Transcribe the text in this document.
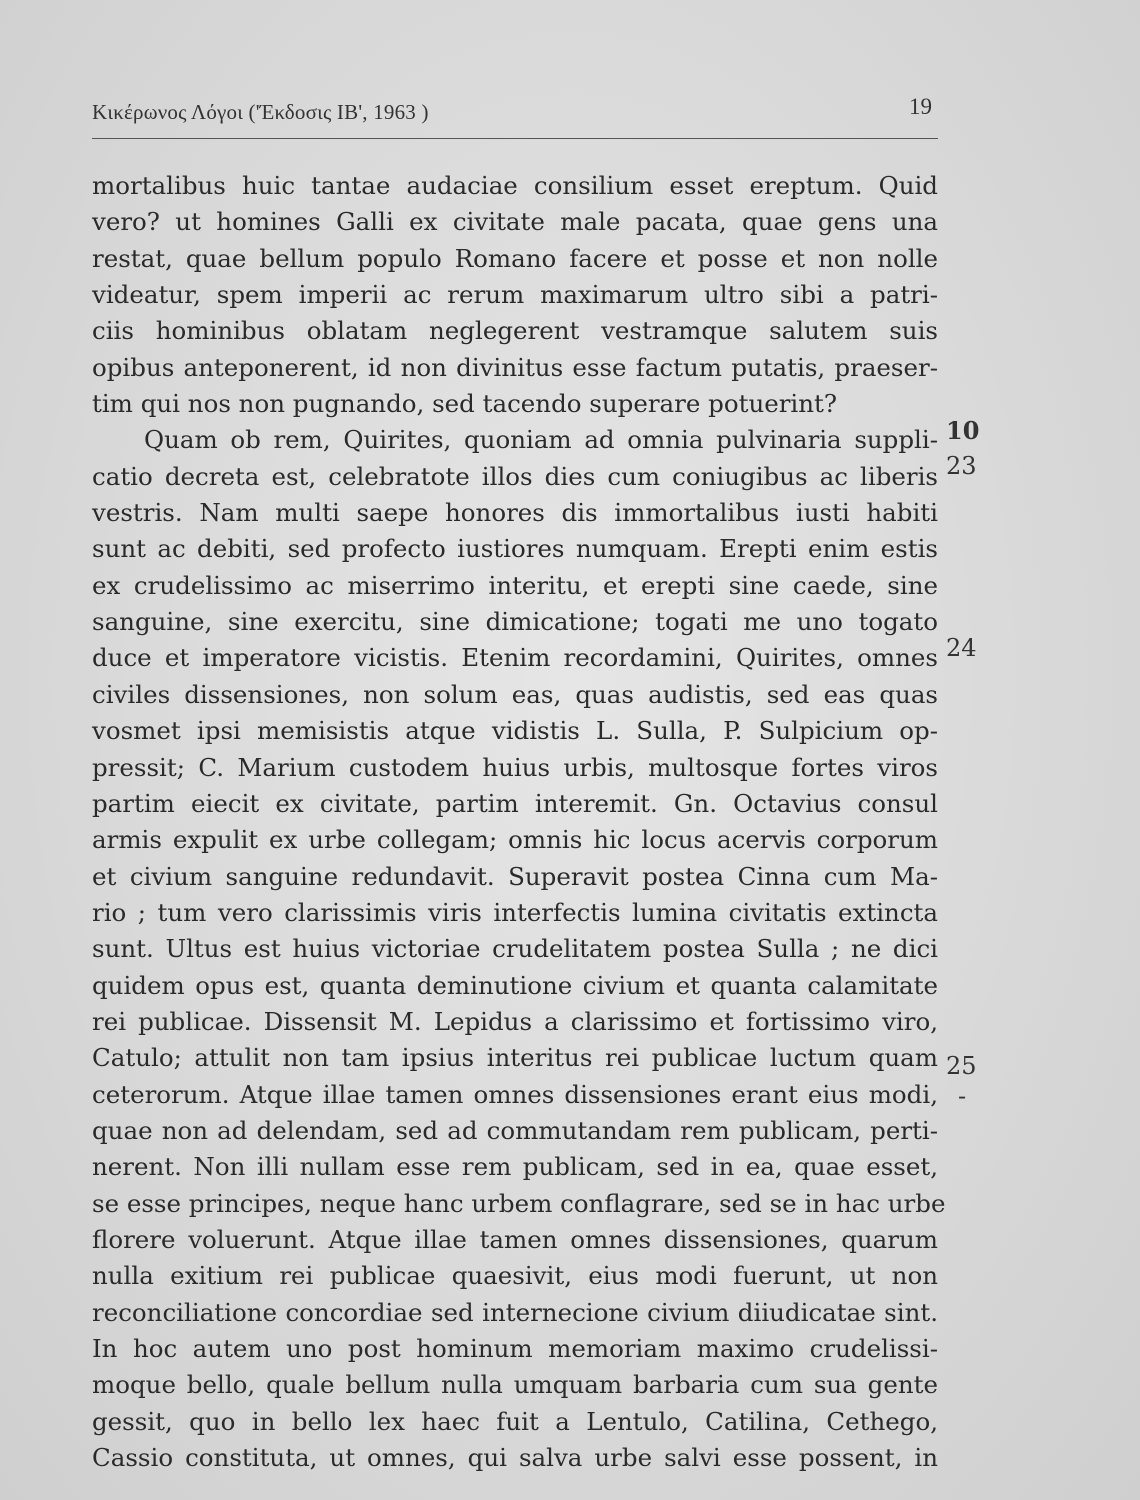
Κικέρωνος Λόγοι ('Έκδοσις ΙΒ', 1963 )	19
mortalibus huic tantae audaciae consilium esset ereptum. Quid
vero? ut homines Galli ex civitate male pacata, quae gens una
restat, quae bellum populo Romano facere et posse et non nolle
videatur, spem imperii ac rerum maximarum ultro sibi a patri-
ciis hominibus oblatam neglegerent vestramque salutem suis
opibus anteponerent, id non divinitus esse factum putatis, praeser-
tim qui nos non pugnando, sed tacendo superare potuerint?
Quam ob rem, Quirites, quoniam ad omnia pulvinaria suppli-
catio decreta est, celebratote illos dies cum coniugibus ac liberis
vestris. Nam multi saepe honores dis immortalibus iusti habiti
sunt ac debiti, sed profecto iustiores numquam. Erepti enim estis
ex crudelissimo ac miserrimo interitu, et erepti sine caede, sine
sanguine, sine exercitu, sine dimicatione; togati me uno togato
duce et imperatore vicistis. Etenim recordamini, Quirites, omnes
civiles dissensiones, non solum eas, quas audistis, sed eas quas
vosmet ipsi memisistis atque vidistis L. Sulla, P. Sulpicium op-
pressit; C. Marium custodem huius urbis, multosque fortes viros
partim eiecit ex civitate, partim interemit. Gn. Octavius consul
armis expulit ex urbe collegam; omnis hic locus acervis corporum
et civium sanguine redundavit. Superavit postea Cinna cum Ma-
rio ; tum vero clarissimis viris interfectis lumina civitatis extincta
sunt. Ultus est huius victoriae crudelitatem postea Sulla ; ne dici
quidem opus est, quanta deminutione civium et quanta calamitate
rei publicae. Dissensit M. Lepidus a clarissimo et fortissimo viro,
Catulo; attulit non tam ipsius interitus rei publicae luctum quam
ceterorum. Atque illae tamen omnes dissensiones erant eius modi,
quae non ad delendam, sed ad commutandam rem publicam, perti-
nerent. Non illi nullam esse rem publicam, sed in ea, quae esset,
se esse principes, neque hanc urbem conflagrare, sed se in hac urbe
florere voluerunt. Atque illae tamen omnes dissensiones, quarum
nulla exitium rei publicae quaesivit, eius modi fuerunt, ut non
reconciliatione concordiae sed internecione civium diiudicatae sint.
In hoc autem uno post hominum memoriam maximo crudelissi-
moque bello, quale bellum nulla umquam barbaria cum sua gente
gessit, quo in bello lex haec fuit a Lentulo, Catilina, Cethego,
Cassio constituta, ut omnes, qui salva urbe salvi esse possent, in
10
23
24
25
-
